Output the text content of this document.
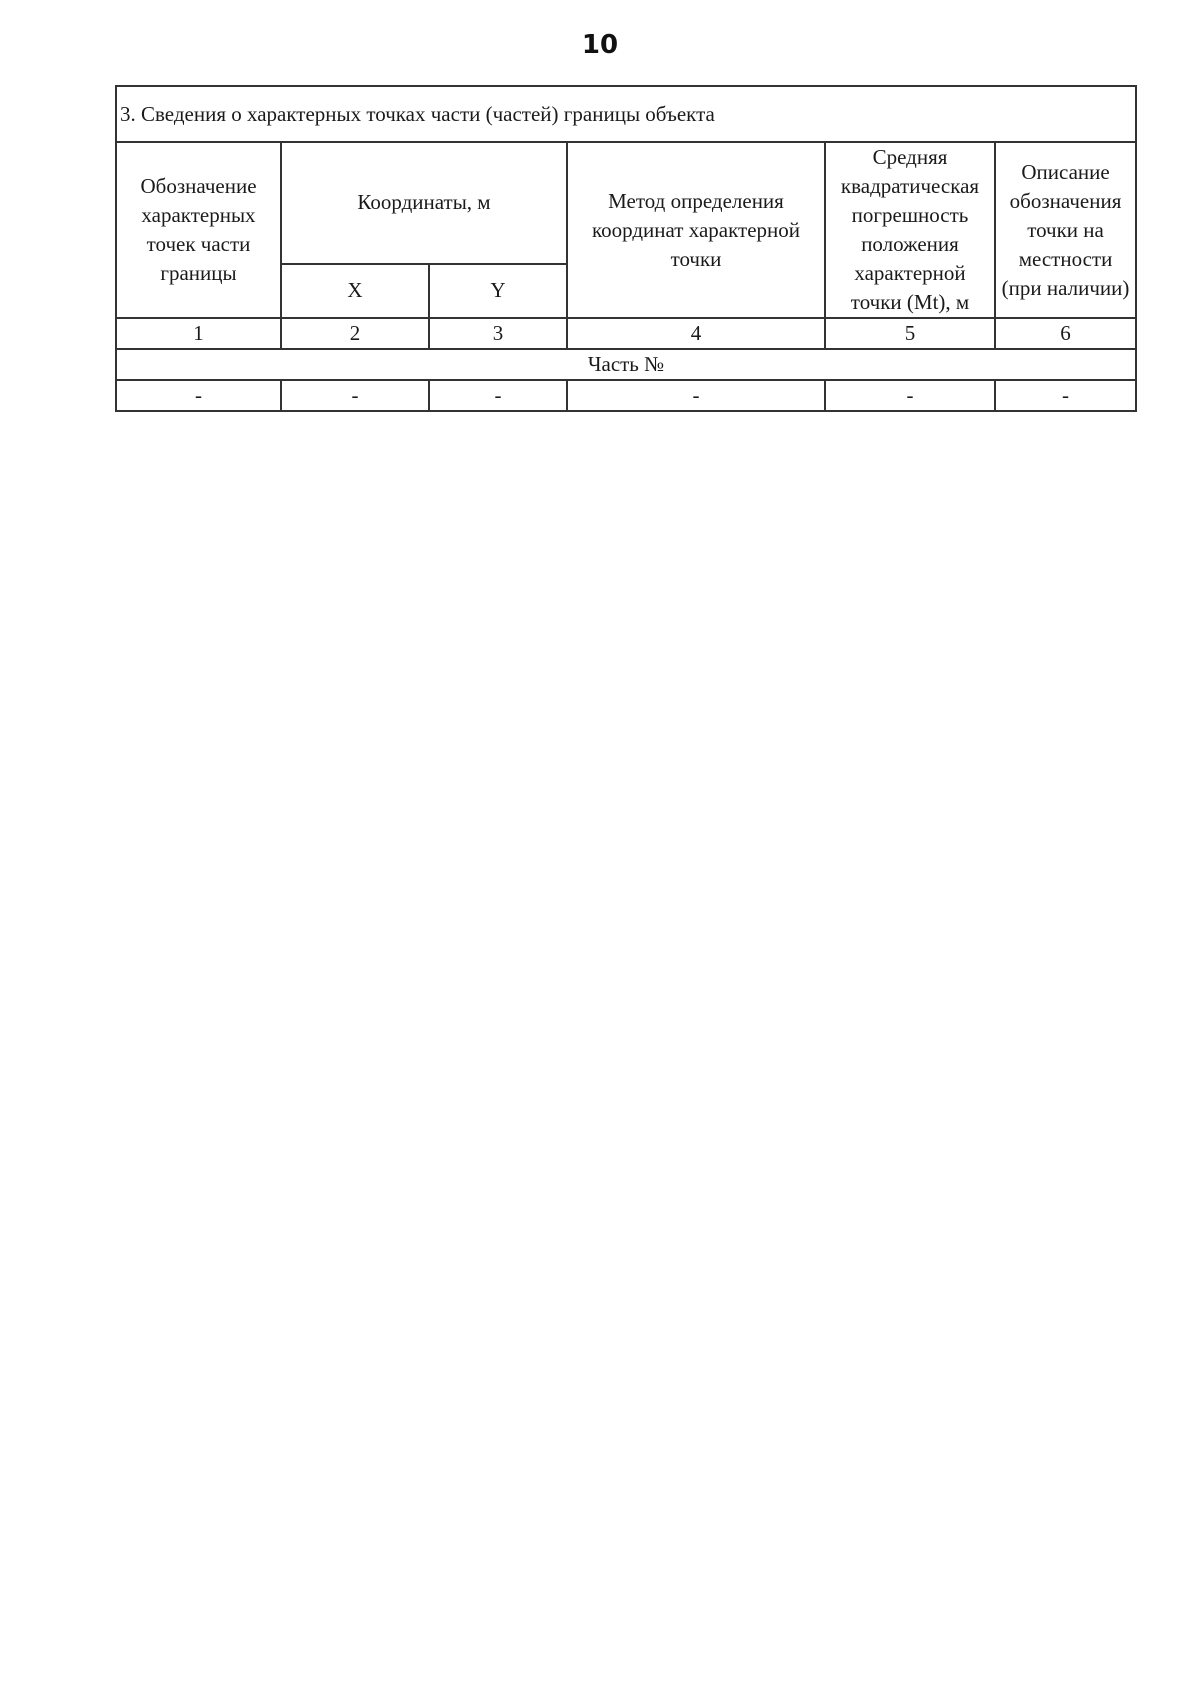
10
3. Сведения о характерных точках части (частей) границы объекта					
Обозначение характерных точек части границы	Координаты, м		Метод определения координат характерной точки	Средняя квадратическая погрешность положения характерной точки (Mt), м	Описание обозначения точки на местности (при наличии)
	X	Y			
1	2	3	4	5	6
Часть №					
-	-	-	-	-	-
